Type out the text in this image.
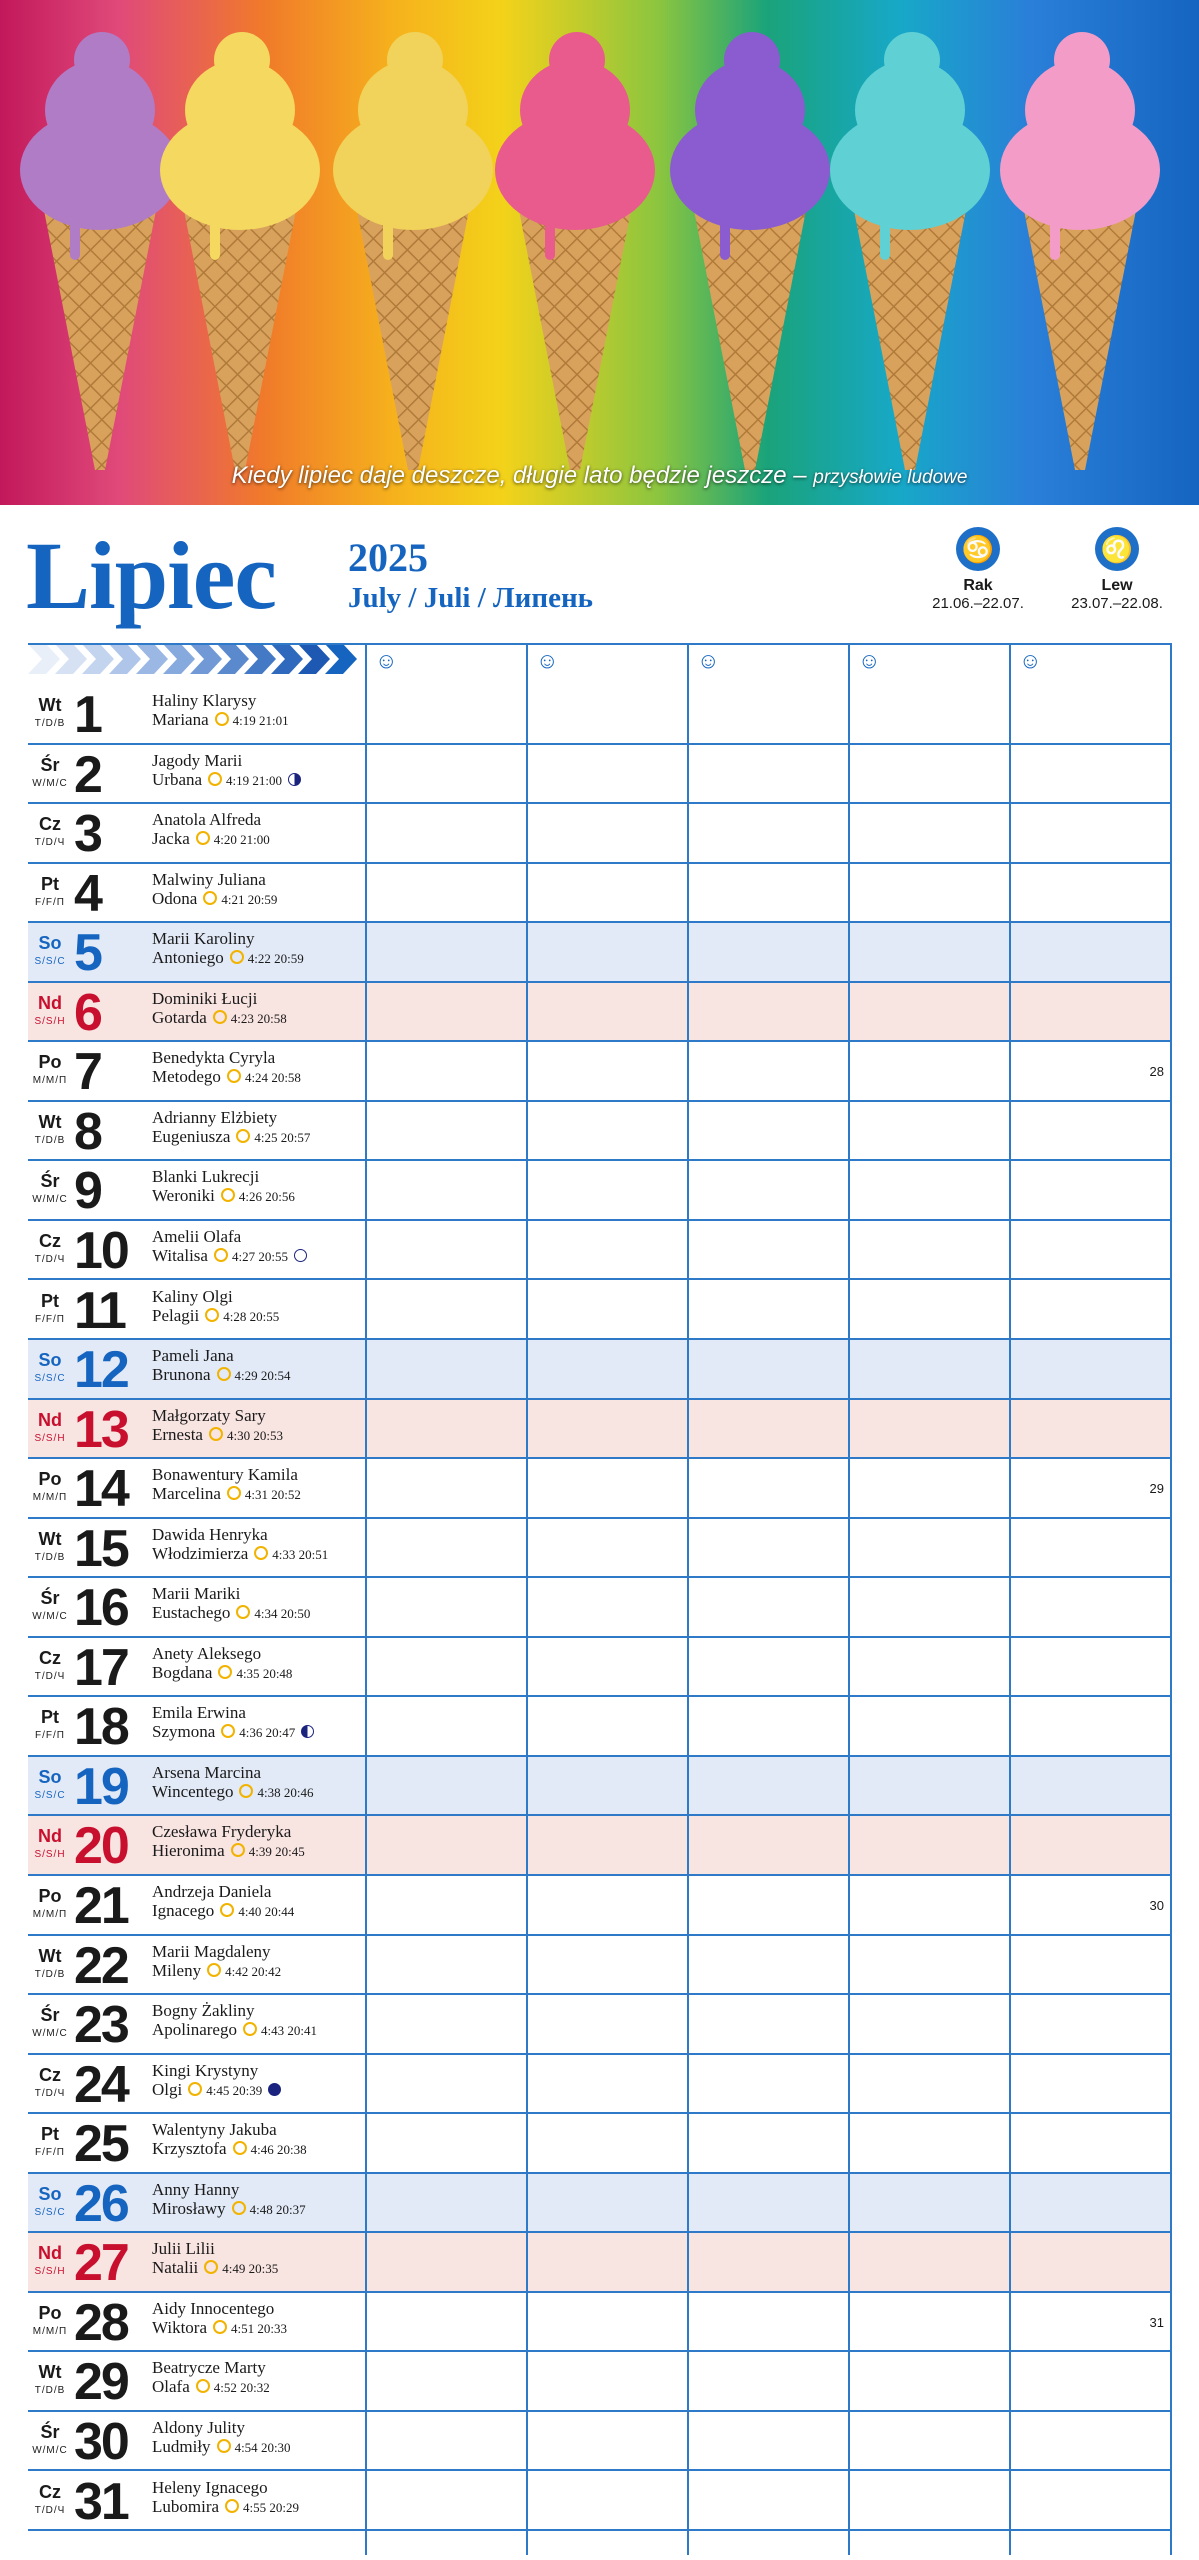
Kiedy lipiec daje deszcze, długie lato będzie jeszcze – przysłowie ludowe
Lipiec 2025
July / Juli / Липень
♋
Rak
21.06.–22.07.
♌
Lew
23.07.–22.08.
Wt
T/D/В 1	Haliny Klarysy
Mariana 4:19 21:01
Śr
W/M/С 2	Jagody Marii
Urbana 4:19 21:00
Cz
T/D/Ч 3	Anatola Alfreda
Jacka 4:20 21:00
Pt
F/F/П 4	Malwiny Juliana
Odona 4:21 20:59
So
S/S/С 5	Marii Karoliny
Antoniego 4:22 20:59
Nd
S/S/Н 6	Dominiki Łucji
Gotarda 4:23 20:58
Po
M/M/П 7	Benedykta Cyryla
Metodego 4:24 20:58	28
Wt
T/D/В 8	Adrianny Elżbiety
Eugeniusza 4:25 20:57
Śr
W/M/С 9	Blanki Lukrecji
Weroniki 4:26 20:56
Cz
T/D/Ч 10 Amelii Olafa
Witalisa 4:27 20:55
Pt
F/F/П 11 Kaliny Olgi
Pelagii 4:28 20:55
So
S/S/С 12 Pameli Jana
Brunona 4:29 20:54
Nd
S/S/Н 13 Małgorzaty Sary
Ernesta 4:30 20:53
Po
M/M/П 14 Bonawentury Kamila
Marcelina 4:31 20:52	29
Wt
T/D/В 15 Dawida Henryka
Włodzimierza 4:33 20:51
Śr
W/M/С 16 Marii Mariki
Eustachego 4:34 20:50
Cz
T/D/Ч 17 Anety Aleksego
Bogdana 4:35 20:48
Pt
F/F/П 18 Emila Erwina
Szymona 4:36 20:47
So
S/S/С 19 Arsena Marcina
Wincentego 4:38 20:46
Nd
S/S/Н 20 Czesława Fryderyka
Hieronima 4:39 20:45
Po
M/M/П 21 Andrzeja Daniela
Ignacego 4:40 20:44	30
Wt
T/D/В 22 Marii Magdaleny
Mileny 4:42 20:42
Śr
W/M/С 23 Bogny Żakliny
Apolinarego 4:43 20:41
Cz
T/D/Ч 24 Kingi Krystyny
Olgi 4:45 20:39
Pt
F/F/П 25 Walentyny Jakuba
Krzysztofa 4:46 20:38
So
S/S/С 26 Anny Hanny
Mirosławy 4:48 20:37
Nd
S/S/Н 27 Julii Lilii
Natalii 4:49 20:35
Po
M/M/П 28 Aidy Innocentego
Wiktora 4:51 20:33	31
Wt
T/D/В 29 Beatrycze Marty
Olafa 4:52 20:32
Śr
W/M/С 30 Aldony Julity
Ludmiły 4:54 20:30
Cz
T/D/Ч 31 Heleny Ignacego
Lubomira 4:55 20:29
☺	☺	☺	☺	☺
